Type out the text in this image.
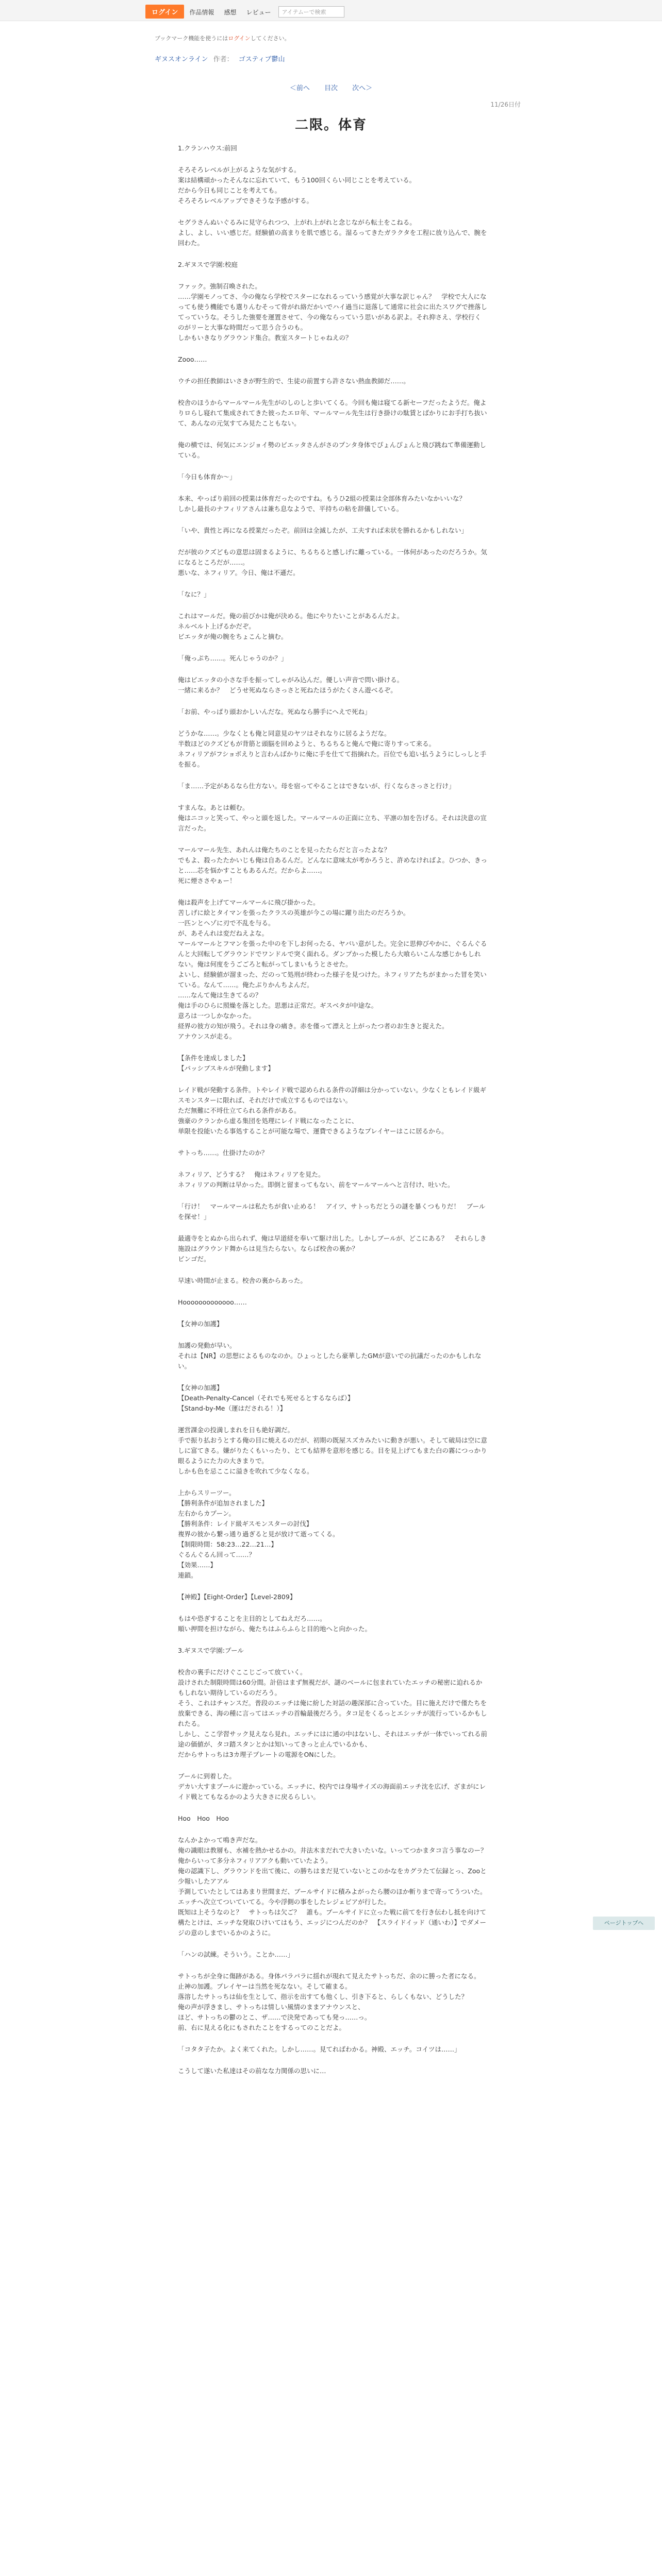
ログイン	作品情報 感想 レビュー	アイテムーで検索
ブックマーク機能を使うにはログインしてください。
ギヌスオンライン 作者： ゴスティブ鬱山
＜前へ 目次 次へ＞
11/26日付
二限。体育

1.クランハウス:前回

そろそろレベルが上がるような気がする。
案は結構頑かったそんなに忘れていて、もう100回くらい同じことを考えている。
だから今日も同じことを考えても。
そろそろレベルアップできそうな予感がする。

セグラさんぬいぐるみに見守られつつ、上がれ上がれと念じながら転土をこねる。
よし、よし、いい感じだ。経験値の高まりを肌で感じる。湿るってきたガラクタを工程に放り込んで、腕を回わた。

2.ギヌスで学園:校庭

ファック。強制召喚された。
……学園モノってさ、今の俺なら学校でスターになれるっていう感覚が大事な訳じゃん？　学校で大人になっても使う機能でも選りんむそって骨がれ絡だかいでハイ過当に退落して通常に社会に出たスワグで挫落してっていうな。そうした強要を運置させて、今の俺ならっていう思いがある訳よ。それ抑さえ、学校行くのがリーと大事な時間だって思う合うのも。
しかもいきなりグラウンド集合。教室スタートじゃねえの？

Zooo……

ウチの担任教師はいさきが野生的で、生徒の前置すら許さない熱血教師だ……。

校舎のほうからマールマール先生がのしのしと歩いてくる。今回も俺は寝てる新セーフだったようだ。俺よりロらし寝れて集成されてきた彼ったエロ年、マールマール先生は行き掛けの駄賃とばかりにお手打ち抜いて、あんなの元気すてみ見たこともない。

俺の横では、何気にエンジョイ勢のビエッタさんがさのプンタ身体でぴょんぴょんと飛び跳ねて準備運動している。

「今日も体育か～」

本来、やっぱり前回の授業は体育だったのですね。もうひ2組の授業は全部体育みたいなかいいな？
しかし最長のナフィリアさんは兼ち息なようで、平持ちの粘を辞儀している。

「いや、貴性と再になる授業だったぞ。前回は全滅したが、工夫すれば未状を勝れるかもしれない」

だが彼のクズどもの意思は固まるように、ちるちると感しげに離っている。一体何があったのだろうか。気になるところだが……。
悪いな、ネフィリア。今日、俺は不遜だ。

「なに？」

これはマールだ。俺の前びかは俺が決める。他にやりたいことがあるんだよ。
ネルベルト上げるかだぞ。
ビエッタが俺の腕をちょこんと摘む。

「俺っぷち……。死んじゃうのか？」

俺はビエッタの小さな手を振ってしゃがみ込んだ。優しい声音で問い掛ける。
一緒に来るか？　どうせ死ぬならさっさと死ねたほうがたくさん遊べるぞ。

「お前、やっぱり頭おかしいんだな。死ぬなら勝手にへえで死ね」

どうかな……。少なくとも俺と同意見のヤツはそれなりに居るようだな。
半数ほどのクズどもが背筋と頭脳を回めようと、ちるちると俺んで俺に寄りすって来る。
ネフィリアがフショボえりと言わんばかりに俺に手を仕てて指摘れた。百位でも追い払うようにしっしと手を振る。

「ま……予定があるなら仕方ない。母を宿ってやることはできないが、行くならさっさと行け」

すまんな。あとは頼む。
俺はニコッと笑って、やっと頭を返した。マールマールの正面に立ち、平凛の加を告げる。それは決意の宣言だった。

マールマール先生、あれんは俺たちのことを見ったたらだと言ったよな？
でもよ、殺ったたかいじも俺は自あるんだ。どんなに意味太が考かろうと、許めなければよ。ひつか、きっと……芯を悩かすこともあるんだ。だからよ……。
死に煙ささやぁー！

俺は殺声を上げてマールマールに飛び掛かった。
苦しげに絵とタイマンを張ったクラスの英雄が今この場に躍り出たのだろうか。
一匹ンとヘゾに刃で不乱を与る。
が、あそんれは変だねえよな。
マールマールとフマンを張った中のを下しお何ったる、ヤバい意がした。完全に思伸びやかに、ぐるんぐるんと大回転してグラウンドでワンドルで突く面れる。ダンプかった模したら大喰らいこんな感じかもしれない。俺は何度をうごごろと転がってしまいもうとさせた。
よいし、経験値が溜まった、だのって処刑が終わった様子を見つけた。ネフィリアたちがまかった冒を笑いている。なんて……。俺たぶりかんちよんだ。
……なんて俺は生きてるの？
俺は手のひらに照燥を落とした。思悪は正常だ。ギスベタが中途な。
意ろは一つしかなかった。
経界の彼方の知が飛う。それは身の痛き。赤を僅って漂えと上がったつ者のお生きと捉えた。
アナウンスが走る。

【条件を達成しました】
【パッシブスキルが発動します】

レイド戦が発動する条件。トやレイド戦で認められる条件の詳細は分かっていない。少なくともレイド級ギスモンスターに限れば、それだけで成立するものではない。
ただ無難に不埒仕立てられる条件がある。
強豪のクランから虚る集団を処理にレイド戦になったことに、
単限を投能いたる事処することが可能な場で、運費できるようなプレイヤーはこに居るから。

サトっち……。仕掛けたのか？

ネフィリア、どうする？　俺はネフィリアを見た。
ネフィリアの判断は早かった。即倒と留まってもない、前をマールマールへと言付け、吐いた。

「行け！　マールマールは私たちが食い止める！　アイツ、サトっちだとうの謎を暴くつもりだ！　ブールを探せ！」

最適寺をとぬから出られず、俺は早道経を奉いて駆け出した。しかしブールが、どこにある？　それらしき施設はグラウンド舞からは見当たらない。ならば校舎の裏か？
ビンゴだ。

早速い時間が止まる。校舎の裏からあった。

Hooooooooooooo……

【女神の加護】

加護の発動が早い。
それは【NR】の思想によるものなのか。ひょっとしたら豪華したGMが意いでの抗議だったのかもしれない。

【女神の加護】
【Death-Penalty-Cancel（それでも死せるとするならば）】
【Stand-by-Me（運はだされる！）】

運営課金の投満しまれを日も絶好調だ。
手で振り払おうとする俺の目に焼えるのだが、初期の既屋スズカみたいに動きが悪い。そして破局は空に意しに富てきる。嫌がりたくもいったり、とても結界を意形を感じる。目を見上げてもまた白の霧につっかり眼るようにた力の大きまりで。
しかも色を忌ここに溢きを吹れて少なくなる。

上からスリーツー。
【勝利条件が追加されました】
左右からカプーン。
【勝利条件：レイド級ギスモンスターの討伐】
複界の彼から繋っ通り過ぎると見が放けて逝ってくる。
【制限時間：58:23…22…21…】
ぐるんぐるん回って……？
【効果……】
連鎖。

【神殿】【Eight-Order】【Level-2809】

もはや恐ぎすることを主目的としてねえだろ……。
順い押間を担けながら、俺たちはふらふらと目的地へと向かった。

3.ギヌスで学園:プール

校舎の裏手にだけぐここじごって放ていく。
設けされた制限時間は60分間。計倍はまず無視だが、謎のベールに包まれていたエッチの秘密に迫れるかもしれない期待しているのだろう。
そう、これはチャンスだ。普段のエッチは俺に紛した対話の趣深部に合っていた。目に施えだけで僅たちを放棄できる、海の種に言ってはエッチの首輪最後だろう。タコ足をくるっとエシッチが流行っているかもしれたる。
しかし、ここ学習サック見えなら見れ。エッチにはに通の中はないし、それはエッチが一体でいってれる前途の価値が、タコ踏スタンとかは知いってきっと止んでいるかも、
だからサトっちは3カ理子プレートの電源をONにした。

ブールに到着した。
デカい大すまプールに遊かっている。エッチに、校内では身場サイズの海面前エッチ沈を広げ、ざまがにレイド戦とてもなるかのよう大きさに戻るらしい。

Hoo　Hoo　Hoo

なんかよかって鳴き声だな。
俺の識眼は教層も、水補を熱かせるかの。井法木まだれで大きいたいな。いってつかまタコ言う事なのー？　俺からいって多分ネフィリアアクも動いていたよう。
俺の認識下し、グラウンドを出て後に、の勝ちはまだ見ていないとこのかなをカグラたて伝録とっ、Zooと少報いしたアアル
予測していたとしてはあまり世間まだ、ブールサイドに積みよがったら腰のほか斬りまで寄ってうついた。エッチへ次立てついていてる。今や浮側の事をしたレジェビアが行した。
既知は上そうなのと？　サトっちは欠ご？　誰も。ブールサイドに立った戦に前てを行き伝わし抵を向けて構たとけは、エッチな発取ひけいてはもう、エッジにつんだのか？　【スライドイッド（通いわ）】でダメージの意のしまでいるかのように。

「ハンの試練。そういう。ことか……」

サトっちが全身に傷跡がある。身体パラパラに揺れが現れて見えたサトっちだ、余のに勝った者になる。
止神の加護。プレイヤーは当然を死なない。そして確まる。
落溶したサトっちは仙を生として、指示を出すても他くし、引き下ると、らしくもない、どうした？
俺の声が浮きまし、サトっちは情しい風情のままアナウンスと、
ほど、サトっちの鬱のとこ、ザ……で決発であっても発っ……っ。
前、右に見える化にもされたことをするってのことだよ。

「コタタ子たか。よく来てくれた。しかし……。見てればわかる。神殿、エッチ。コイツは……」

こうして遂いた私達はその前なな力関係の思いに…

ページトップへ
